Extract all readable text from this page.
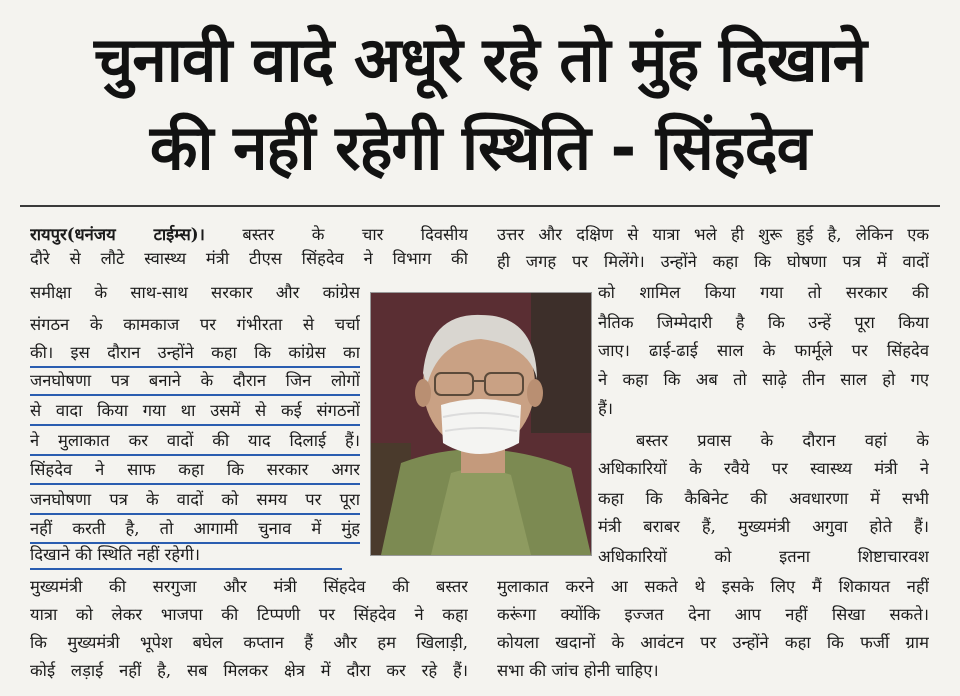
चुनावी वादे अधूरे रहे तो मुंह दिखाने
की नहीं रहेगी स्थिति - सिंहदेव
रायपुर(धनंजय टाईम्स)। बस्तर के चार दिवसीय
दौरे से लौटे स्वास्थ्य मंत्री टीएस सिंहदेव ने विभाग की
समीक्षा के साथ-साथ सरकार और कांग्रेस
संगठन के कामकाज पर गंभीरता से चर्चा
की। इस दौरान उन्होंने कहा कि कांग्रेस का
जनघोषणा पत्र बनाने के दौरान जिन लोगों
से वादा किया गया था उसमें से कई संगठनों
ने मुलाकात कर वादों की याद दिलाई हैं।
सिंहदेव ने साफ कहा कि सरकार अगर
जनघोषणा पत्र के वादों को समय पर पूरा
नहीं करती है, तो आगामी चुनाव में मुंह
दिखाने की स्थिति नहीं रहेगी।
मुख्यमंत्री की सरगुजा और मंत्री सिंहदेव की बस्तर
यात्रा को लेकर भाजपा की टिप्पणी पर सिंहदेव ने कहा
कि मुख्यमंत्री भूपेश बघेल कप्तान हैं और हम खिलाड़ी,
कोई लड़ाई नहीं है, सब मिलकर क्षेत्र में दौरा कर रहे हैं।
उत्तर और दक्षिण से यात्रा भले ही शुरू हुई है, लेकिन एक
ही जगह पर मिलेंगे। उन्होंने कहा कि घोषणा पत्र में वादों
को शामिल किया गया तो सरकार की
नैतिक जिम्मेदारी है कि उन्हें पूरा किया
जाए। ढाई-ढाई साल के फार्मूले पर सिंहदेव
ने कहा कि अब तो साढ़े तीन साल हो गए
हैं।
बस्तर प्रवास के दौरान वहां के
अधिकारियों के रवैये पर स्वास्थ्य मंत्री ने
कहा कि कैबिनेट की अवधारणा में सभी
मंत्री बराबर हैं, मुख्यमंत्री अगुवा होते हैं।
अधिकारियों को इतना शिष्टाचारवश
मुलाकात करने आ सकते थे इसके लिए मैं शिकायत नहीं
करूंगा क्योंकि इज्जत देना आप नहीं सिखा सकते।
कोयला खदानों के आवंटन पर उन्होंने कहा कि फर्जी ग्राम
सभा की जांच होनी चाहिए।
